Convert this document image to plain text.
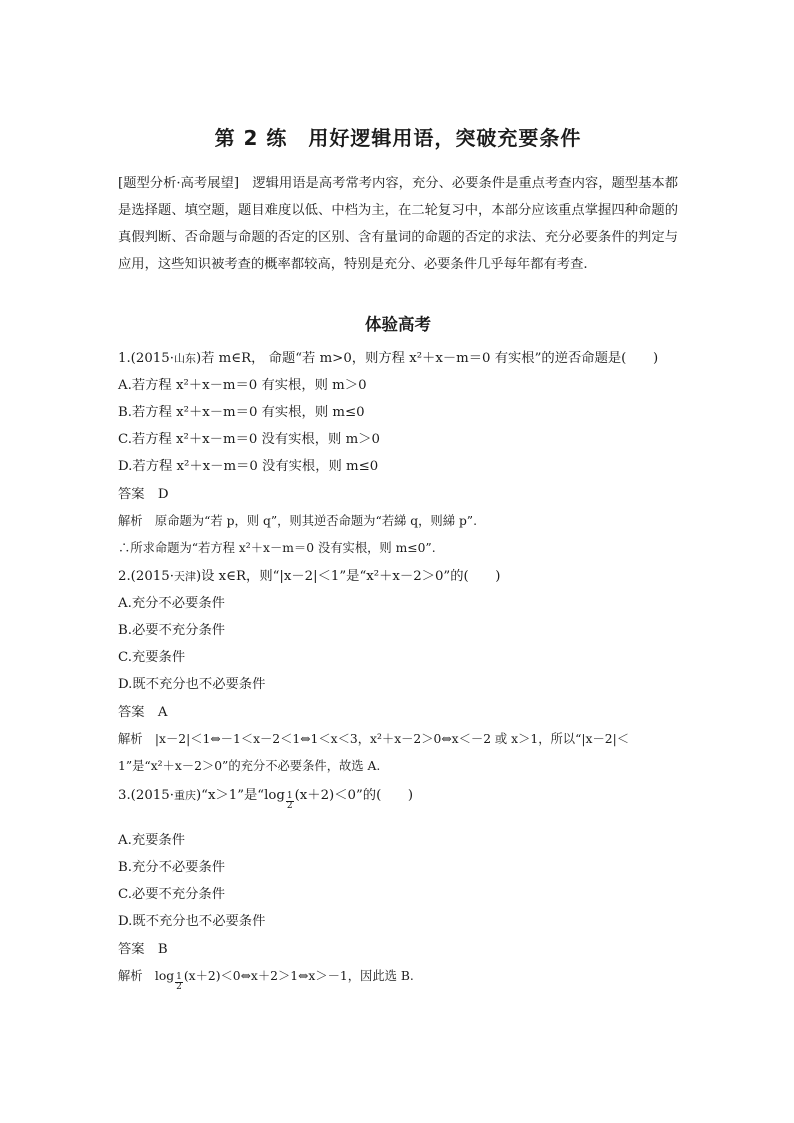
第 2 练　用好逻辑用语，突破充要条件
[题型分析·高考展望]　逻辑用语是高考常考内容，充分、必要条件是重点考查内容，题型基本都是选择题、填空题，题目难度以低、中档为主，在二轮复习中，本部分应该重点掌握四种命题的真假判断、否命题与命题的否定的区别、含有量词的命题的否定的求法、充分必要条件的判定与应用，这些知识被考查的概率都较高，特别是充分、必要条件几乎每年都有考查.
体验高考
1.(2015·山东)若 m∈R， 命题“若 m>0，则方程 x²＋x－m＝0 有实根”的逆否命题是(　　)
A.若方程 x²＋x－m＝0 有实根，则 m＞0
B.若方程 x²＋x－m＝0 有实根，则 m≤0
C.若方程 x²＋x－m＝0 没有实根，则 m＞0
D.若方程 x²＋x－m＝0 没有实根，则 m≤0
答案　D
解析　原命题为“若 p，则 q”，则其逆否命题为“若綈 q，则綈 p”.
∴所求命题为“若方程 x²＋x－m＝0 没有实根，则 m≤0”.
2.(2015·天津)设 x∈R，则“|x－2|＜1”是“x²＋x－2＞0”的(　　)
A.充分不必要条件
B.必要不充分条件
C.充要条件
D.既不充分也不必要条件
答案　A
解析　|x－2|＜1⇔－1＜x－2＜1⇔1＜x＜3，x²＋x－2＞0⇔x＜－2 或 x＞1，所以“|x－2|＜
1”是“x²＋x－2＞0”的充分不必要条件，故选 A.
3.(2015·重庆)“x＞1”是“$\log \frac{1}{2} (x+2)<0$”的(　　)
A.充要条件
B.充分不必要条件
C.必要不充分条件
D.既不充分也不必要条件
答案　B
解析　$\log \frac{1}{2}$ (x＋2)＜0⇔x＋2＞1⇔x＞－1，因此选 B.
